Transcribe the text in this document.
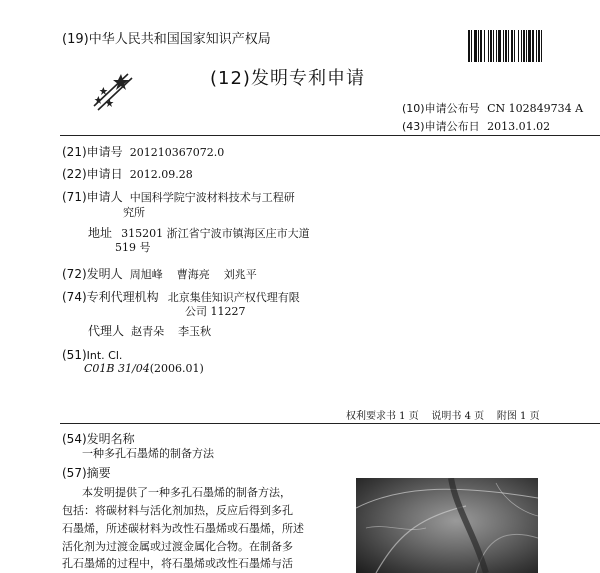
(19)中华人民共和国国家知识产权局
(12)发明专利申请
(10)申请公布号 CN 102849734 A
(43)申请公布日 2013.01.02
(21)申请号 201210367072.0
(22)申请日 2012.09.28
(71)申请人 中国科学院宁波材料技术与工程研
究所
地址 315201 浙江省宁波市镇海区庄市大道
519 号
(72)发明人 周旭峰    曹海亮    刘兆平
(74)专利代理机构 北京集佳知识产权代理有限
公司 11227
代理人 赵青朵    李玉秋
(51)Int. Cl.
C01B 31/04(2006.01)
权利要求书 1 页    说明书 4 页    附图 1 页
(54)发明名称
一种多孔石墨烯的制备方法
(57)摘要
本发明提供了一种多孔石墨烯的制备方法，
包括：将碳材料与活化剂加热，反应后得到多孔
石墨烯，所述碳材料为改性石墨烯或石墨烯，所述
活化剂为过渡金属或过渡金属化合物。在制备多
孔石墨烯的过程中，将石墨烯或改性石墨烯与活
